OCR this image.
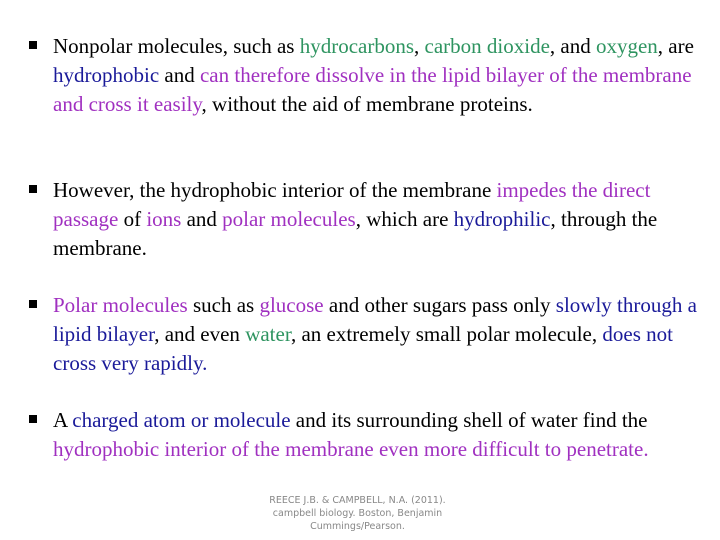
Nonpolar molecules, such as hydrocarbons, carbon dioxide, and oxygen, are hydrophobic and can therefore dissolve in the lipid bilayer of the membrane and cross it easily, without the aid of membrane proteins.
However, the hydrophobic interior of the membrane impedes the direct passage of ions and polar molecules, which are hydrophilic, through the membrane.
Polar molecules such as glucose and other sugars pass only slowly through a lipid bilayer, and even water, an extremely small polar molecule, does not cross very rapidly.
A charged atom or molecule and its surrounding shell of water find the hydrophobic interior of the membrane even more difficult to penetrate.
REECE J.B. & CAMPBELL, N.A. (2011).
campbell biology. Boston, Benjamin
Cummings/Pearson.
